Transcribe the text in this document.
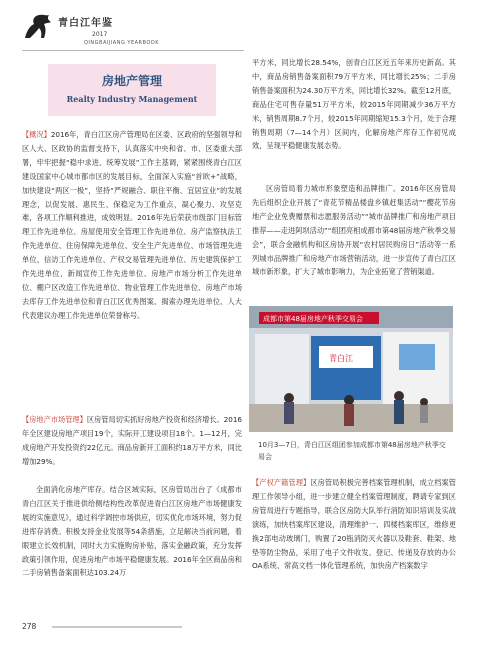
青白江年鉴
2017
QINGBAIJIANG YEARBOOK
房地产管理
Realty Industry Management
【概况】2016年，青白江区房产管理局在区委、区政府的坚强领导和区人大、区政协的监督支持下，认真落实中央和省、市、区委重大部署，牢牢把握“稳中求进、统筹发展”工作主基调，紧紧围绕青白江区建设国家中心城市都市区的发展目标，全面深入实施“首欧+”战略，加快建设“两区一极”，坚持“严规融合、职住平衡、宜居宜业”的发展理念，以促发展、惠民生、保稳定为工作重点，凝心聚力、攻坚克难，各项工作顺利推进，成效明显。2016年先后荣获市级部门目标管理工作先进单位、房屋使用安全管理工作先进单位、房产监察执法工作先进单位、住房保障先进单位、安全生产先进单位、市场管理先进单位、信访工作先进单位、产权交易管理先进单位、历史建筑保护工作先进单位、新闻宣传工作先进单位、房地产市场分析工作先进单位、棚户区改造工作先进单位、物业管理工作先进单位、房地产市场去库存工作先进单位和青白江区优秀图案、揭索办理先进单位、人大代表建议办理工作先进单位荣誉称号。
【房地产市场管理】区房管局切实抓好房地产投资和经济增长。2016年全区建设房地产项目19个，实际开工建设项目18个。1—12月，完成房地产开发投资约22亿元。商品房新开工面积约18万平方米，同比增加29%。
全面消化房地产库存。结合区域实际，区房管局出台了《成都市青白江区关于推进供给侧结构性改革促进青白江区房地产市场健康发展的实施意见》，通过科学调控市场供应，切实优化市场环境，努力促进库存消费。积极支持金业发展等54条措施，立足解决当前问题，着眼建立长效机制，同时大力实施购房补贴，落实金融政策，充分发挥政策引领作用，促进房地产市场平稳健康发展。2016年全区商品房和二手房销售备案面积达103.24万
平方米，同比增长28.54%，创青白江区近五年来历史新高。其中，商品房销售备案面积79万平方米，同比增长25%；二手房销售备案面积为24.30万平方米，同比增长32%。截至12月底，商品住宅可售存量51万平方米，较2015年同期减少36万平方米，销售周期8.7个月，较2015年同期缩短15.3个月，处于合理销售周期（7—14个月）区间内，化解房地产库存工作初见成效，呈现平稳健康发展态势。
区房管局着力城市形象塑造和品牌推广。2016年区房管局先后组织企业开展了“青花节精品楼盘乡镇赶集活动”“樱花节房地产企业免费赠票和志愿服务活动”“城市品牌推广和房地产项目推荐——走进阿坝活动”“组团亮相成都市第48届房地产秋季交易会”，联合金融机构和区房协开展“农村居民购房日”活动等一系列城市品牌推广和房地产市场营销活动，进一步宣传了青白江区城市新形象，扩大了城市影响力，为企业拓宽了营销渠道。
成都市第48届房地产秋季交易会
青白江
10月3—7日，青白江区组团参加成都市第48届房地产秋季交易会
【产权产籍管理】区房管局积极完善档案管理机制，成立档案管理工作领导小组，进一步建立健全档案管理制度，聘请专家到区房管局进行专题指导，联合区房防大队举行消防知识培训及实战演练，加快档案库区建设，清理维护一、四楼档案库区，维修更换2部电动玻璃门，购置了20瓶消防灭火器以及鞋套、鞋架、地垫等防尘物品，采用了电子文件收发、登记、传递及存放的办公OA系统、常高文档一体化管理系统，加快房产档案数字
278
